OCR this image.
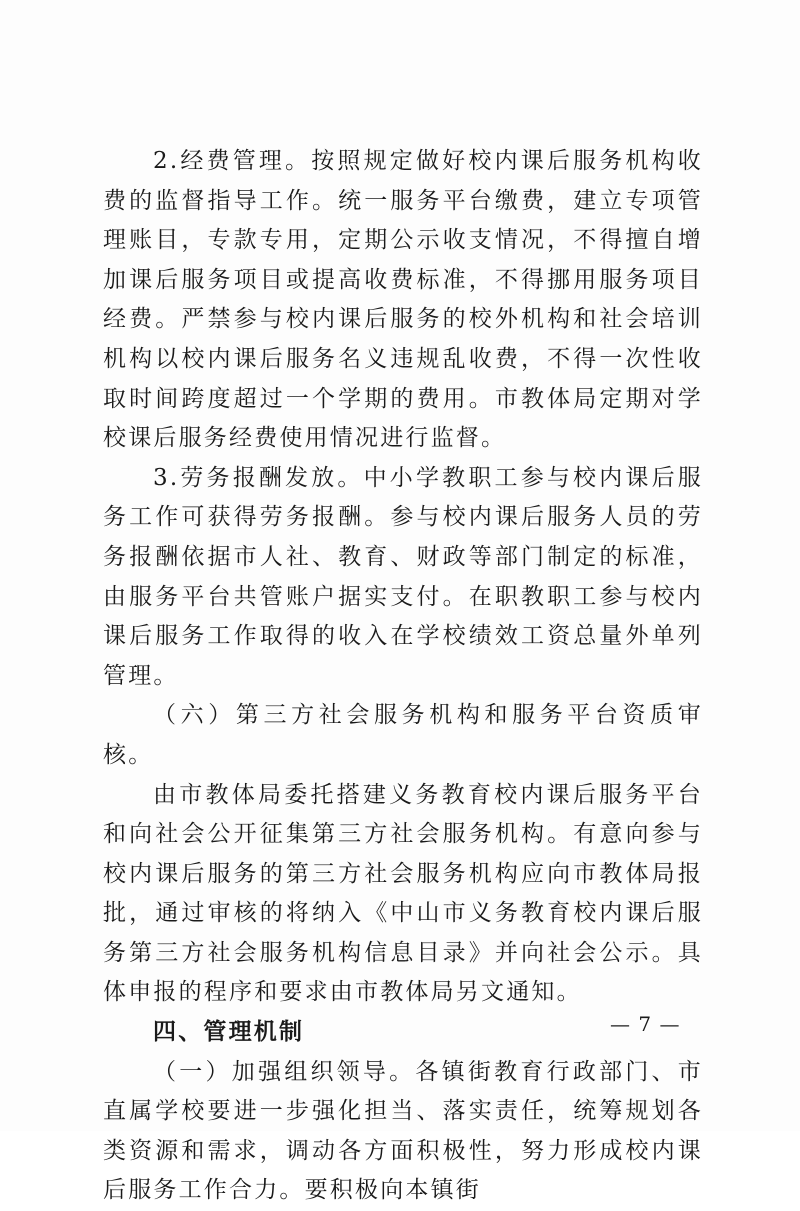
2.经费管理。按照规定做好校内课后服务机构收费的监督指导工作。统一服务平台缴费，建立专项管理账目，专款专用，定期公示收支情况，不得擅自增加课后服务项目或提高收费标准，不得挪用服务项目经费。严禁参与校内课后服务的校外机构和社会培训机构以校内课后服务名义违规乱收费，不得一次性收取时间跨度超过一个学期的费用。市教体局定期对学校课后服务经费使用情况进行监督。

3.劳务报酬发放。中小学教职工参与校内课后服务工作可获得劳务报酬。参与校内课后服务人员的劳务报酬依据市人社、教育、财政等部门制定的标准，由服务平台共管账户据实支付。在职教职工参与校内课后服务工作取得的收入在学校绩效工资总量外单列管理。

（六）第三方社会服务机构和服务平台资质审核。

由市教体局委托搭建义务教育校内课后服务平台和向社会公开征集第三方社会服务机构。有意向参与校内课后服务的第三方社会服务机构应向市教体局报批，通过审核的将纳入《中山市义务教育校内课后服务第三方社会服务机构信息目录》并向社会公示。具体申报的程序和要求由市教体局另文通知。

四、管理机制

（一）加强组织领导。各镇街教育行政部门、市直属学校要进一步强化担当、落实责任，统筹规划各类资源和需求，调动各方面积极性，努力形成校内课后服务工作合力。要积极向本镇街

— 7 —
